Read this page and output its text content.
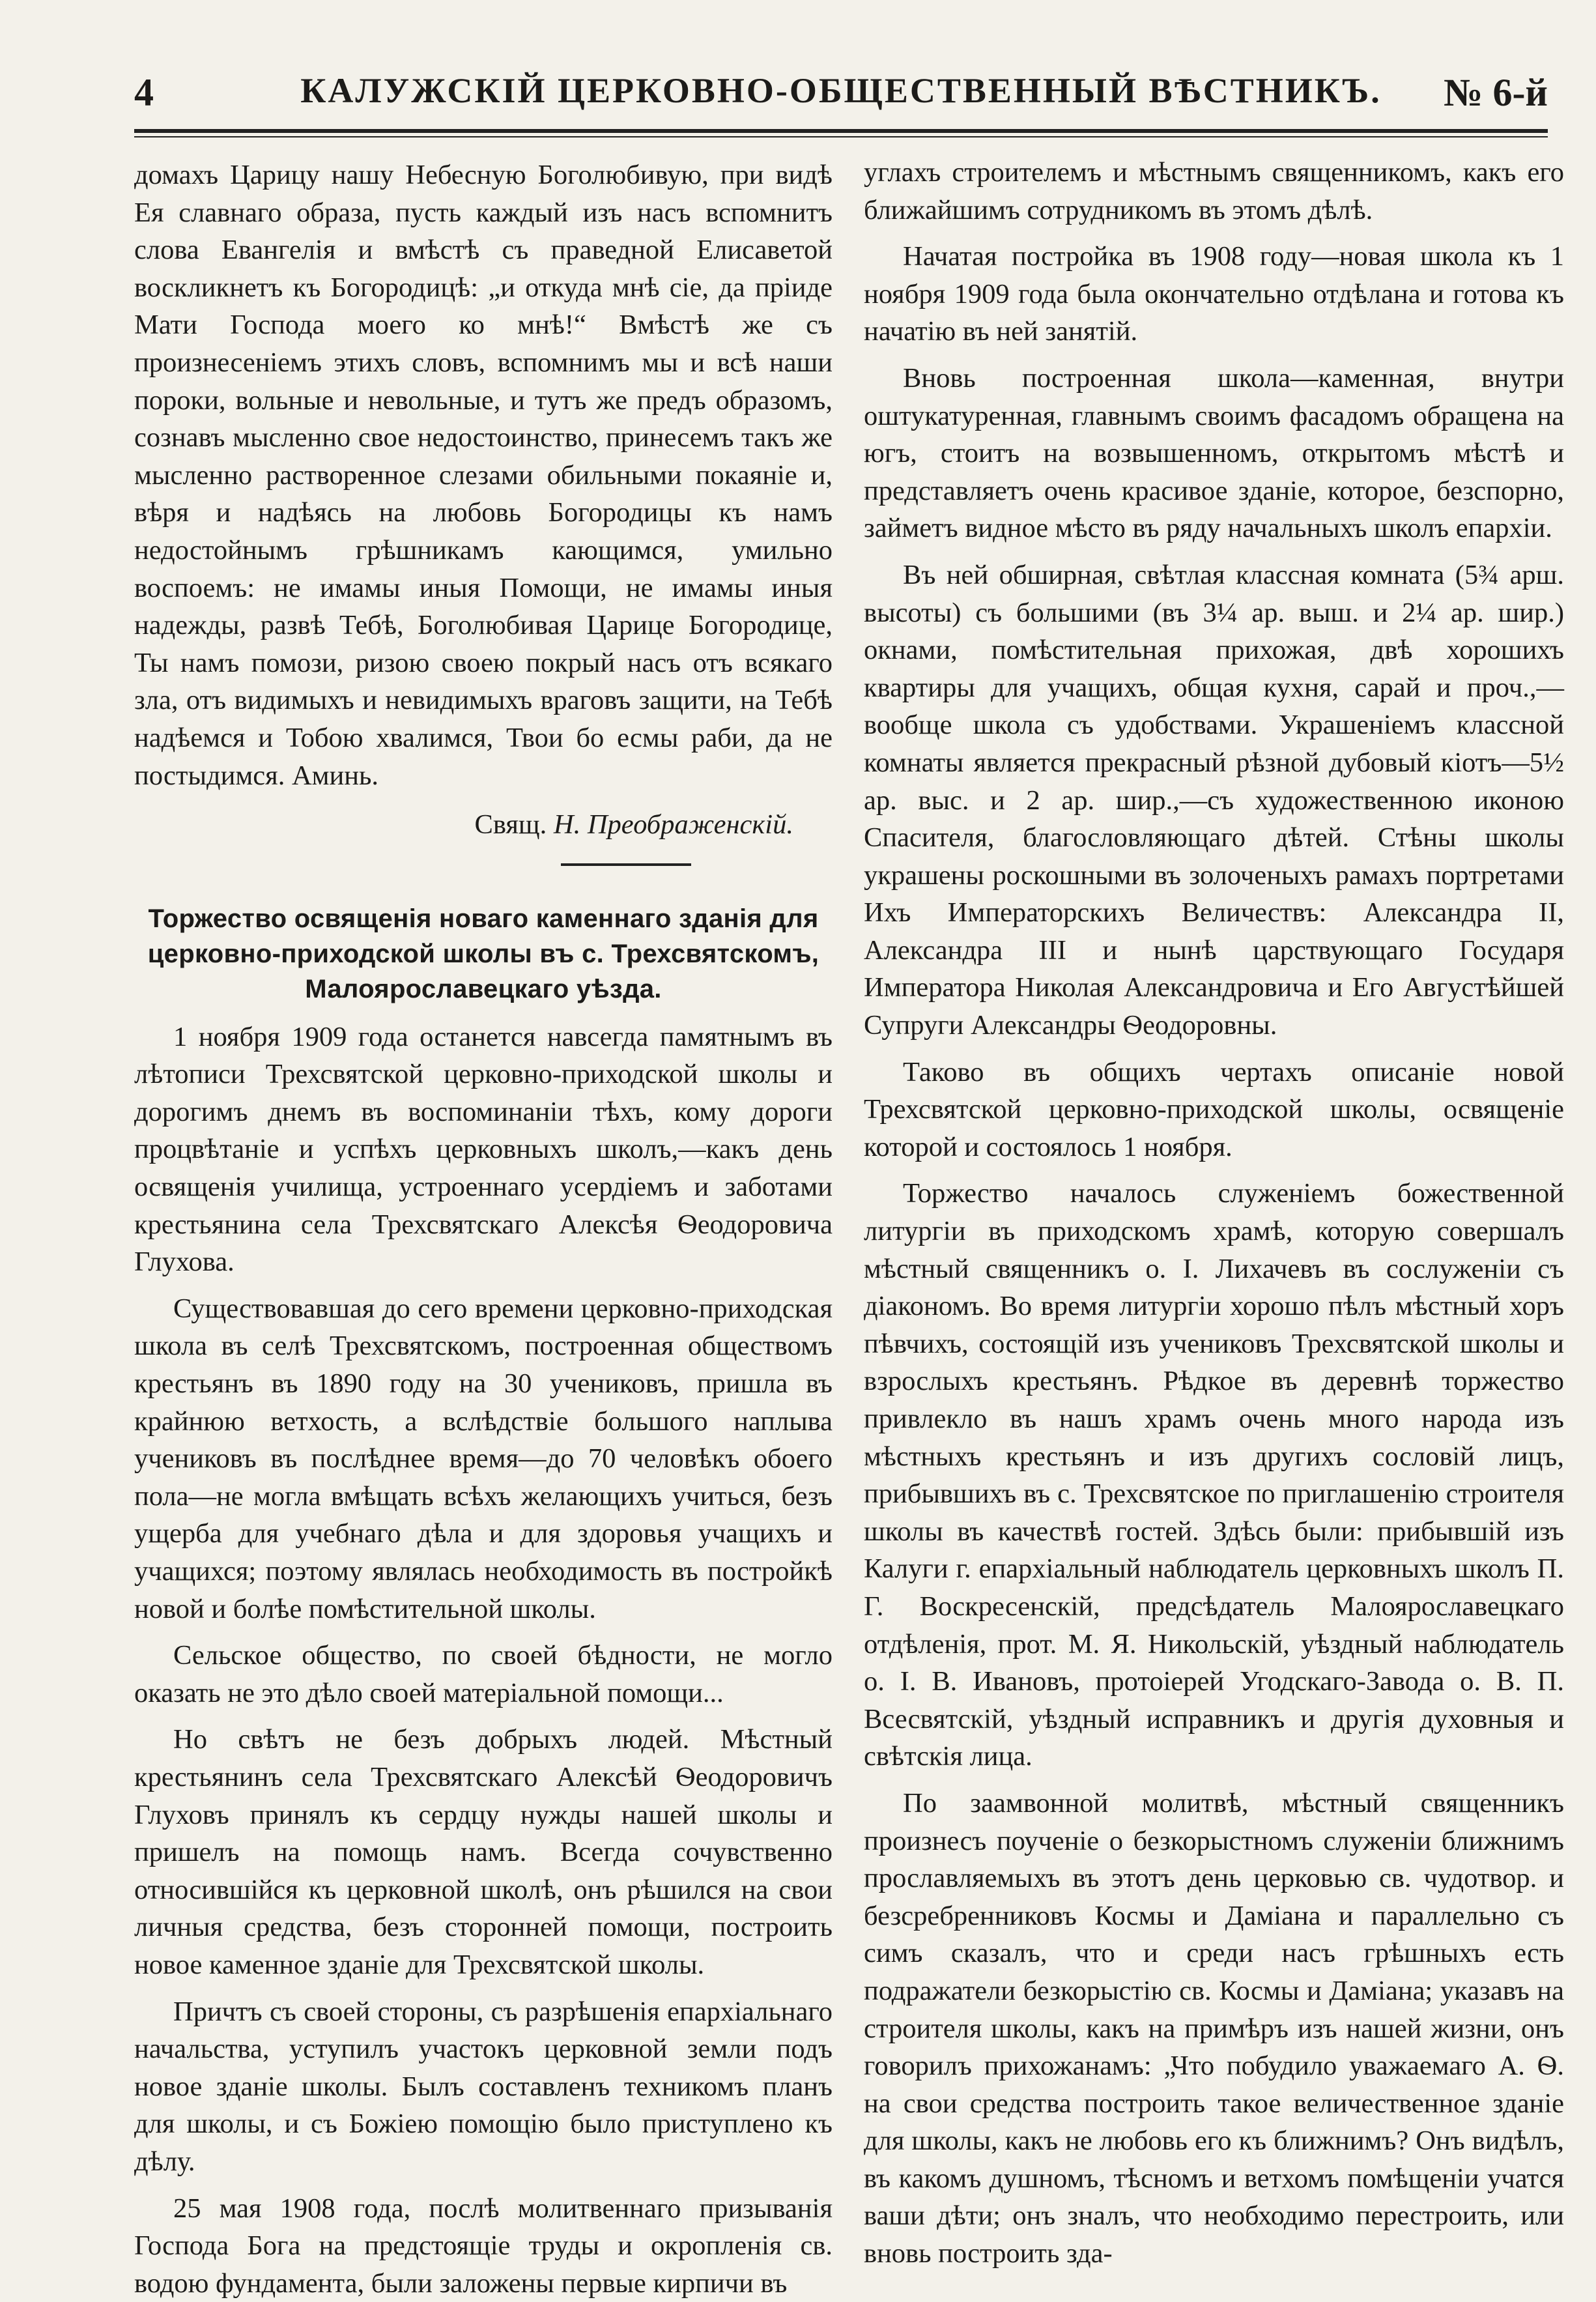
4	КАЛУЖСКІЙ ЦЕРКОВНО-ОБЩЕСТВЕННЫЙ ВѢСТНИКЪ.	№ 6-й

домахъ Царицу нашу Небесную Боголюбивую, при видѣ Ея славнаго образа, пусть каждый изъ насъ вспомнитъ слова Евангелія и вмѣстѣ съ праведной Елисаветой воскликнетъ къ Богородицѣ: „и откуда мнѣ сіе, да пріиде Мати Господа моего ко мнѣ!“ Вмѣстѣ же съ произнесеніемъ этихъ словъ, вспомнимъ мы и всѣ наши пороки, вольные и невольные, и тутъ же предъ образомъ, сознавъ мысленно свое недостоинство, принесемъ такъ же мысленно растворенное слезами обильными покаяніе и, вѣря и надѣясь на любовь Богородицы къ намъ недостойнымъ грѣшникамъ кающимся, умильно воспоемъ: не имамы иныя Помощи, не имамы иныя надежды, развѣ Тебѣ, Боголюбивая Царице Богородице, Ты намъ помози, ризою своею покрый насъ отъ всякаго зла, отъ видимыхъ и невидимыхъ враговъ защити, на Тебѣ надѣемся и Тобою хвалимся, Твои бо есмы раби, да не постыдимся. Аминь.

Свящ. Н. Преображенскій.
Торжество освященія новаго каменнаго зданія для церковно-приходской школы въ с. Трехсвятскомъ, Малоярославецкаго уѣзда.

1 ноября 1909 года останется навсегда памятнымъ въ лѣтописи Трехсвятской церковно-приходской школы и дорогимъ днемъ въ воспоминаніи тѣхъ, кому дороги процвѣтаніе и успѣхъ церковныхъ школъ,—какъ день освященія училища, устроеннаго усердіемъ и заботами крестьянина села Трехсвятскаго Алексѣя Ѳеодоровича Глухова.

Существовавшая до сего времени церковно-приходская школа въ селѣ Трехсвятскомъ, построенная обществомъ крестьянъ въ 1890 году на 30 учениковъ, пришла въ крайнюю ветхость, а вслѣдствіе большого наплыва учениковъ въ послѣднее время—до 70 человѣкъ обоего пола—не могла вмѣщать всѣхъ желающихъ учиться, безъ ущерба для учебнаго дѣла и для здоровья учащихъ и учащихся; поэтому являлась необходимость въ постройкѣ новой и болѣе помѣстительной школы.

Сельское общество, по своей бѣдности, не могло оказать не это дѣло своей матеріальной помощи...

Но свѣтъ не безъ добрыхъ людей. Мѣстный крестьянинъ села Трехсвятскаго Алексѣй Ѳеодоровичъ Глуховъ принялъ къ сердцу нужды нашей школы и пришелъ на помощь намъ. Всегда сочувственно относившійся къ церковной школѣ, онъ рѣшился на свои личныя средства, безъ сторонней помощи, построить новое каменное зданіе для Трехсвятской школы.

Причтъ съ своей стороны, съ разрѣшенія епархіальнаго начальства, уступилъ участокъ церковной земли подъ новое зданіе школы. Былъ составленъ техникомъ планъ для школы, и съ Божіею помощію было приступлено къ дѣлу.

25 мая 1908 года, послѣ молитвеннаго призыванія Господа Бога на предстоящіе труды и окропленія св. водою фундамента, были заложены первые кирпичи въ

углахъ строителемъ и мѣстнымъ священникомъ, какъ его ближайшимъ сотрудникомъ въ этомъ дѣлѣ.

Начатая постройка въ 1908 году—новая школа къ 1 ноября 1909 года была окончательно отдѣлана и готова къ начатію въ ней занятій.

Вновь построенная школа—каменная, внутри оштукатуренная, главнымъ своимъ фасадомъ обращена на югъ, стоитъ на возвышенномъ, открытомъ мѣстѣ и представляетъ очень красивое зданіе, которое, безспорно, займетъ видное мѣсто въ ряду начальныхъ школъ епархіи.

Въ ней обширная, свѣтлая классная комната (5¾ арш. высоты) съ большими (въ 3¼ ар. выш. и 2¼ ар. шир.) окнами, помѣстительная прихожая, двѣ хорошихъ квартиры для учащихъ, общая кухня, сарай и проч.,—вообще школа съ удобствами. Украшеніемъ классной комнаты является прекрасный рѣзной дубовый кіотъ—5½ ар. выс. и 2 ар. шир.,—съ художественною иконою Спасителя, благословляющаго дѣтей. Стѣны школы украшены роскошными въ золоченыхъ рамахъ портретами Ихъ Императорскихъ Величествъ: Александра II, Александра III и нынѣ царствующаго Государя Императора Николая Александровича и Его Августѣйшей Супруги Александры Ѳеодоровны.

Таково въ общихъ чертахъ описаніе новой Трехсвятской церковно-приходской школы, освященіе которой и состоялось 1 ноября.

Торжество началось служеніемъ божественной литургіи въ приходскомъ храмѣ, которую совершалъ мѣстный священникъ о. І. Лихачевъ въ сослуженіи съ діакономъ. Во время литургіи хорошо пѣлъ мѣстный хоръ пѣвчихъ, состоящій изъ учениковъ Трехсвятской школы и взрослыхъ крестьянъ. Рѣдкое въ деревнѣ торжество привлекло въ нашъ храмъ очень много народа изъ мѣстныхъ крестьянъ и изъ другихъ сословій лицъ, прибывшихъ въ с. Трехсвятское по приглашенію строителя школы въ качествѣ гостей. Здѣсь были: прибывшій изъ Калуги г. епархіальный наблюдатель церковныхъ школъ П. Г. Воскресенскій, предсѣдатель Малоярославецкаго отдѣленія, прот. М. Я. Никольскій, уѣздный наблюдатель о. І. В. Ивановъ, протоіерей Угодскаго-Завода о. В. П. Всесвятскій, уѣздный исправникъ и другія духовныя и свѣтскія лица.

По заамвонной молитвѣ, мѣстный священникъ произнесъ поученіе о безкорыстномъ служеніи ближнимъ прославляемыхъ въ этотъ день церковью св. чудотвор. и безсребренниковъ Космы и Даміана и параллельно съ симъ сказалъ, что и среди насъ грѣшныхъ есть подражатели безкорыстію св. Космы и Даміана; указавъ на строителя школы, какъ на примѣръ изъ нашей жизни, онъ говорилъ прихожанамъ: „Что побудило уважаемаго А. Ѳ. на свои средства построить такое величественное зданіе для школы, какъ не любовь его къ ближнимъ? Онъ видѣлъ, въ какомъ душномъ, тѣсномъ и ветхомъ помѣщеніи учатся ваши дѣти; онъ зналъ, что необходимо перестроить, или вновь построить зда-
